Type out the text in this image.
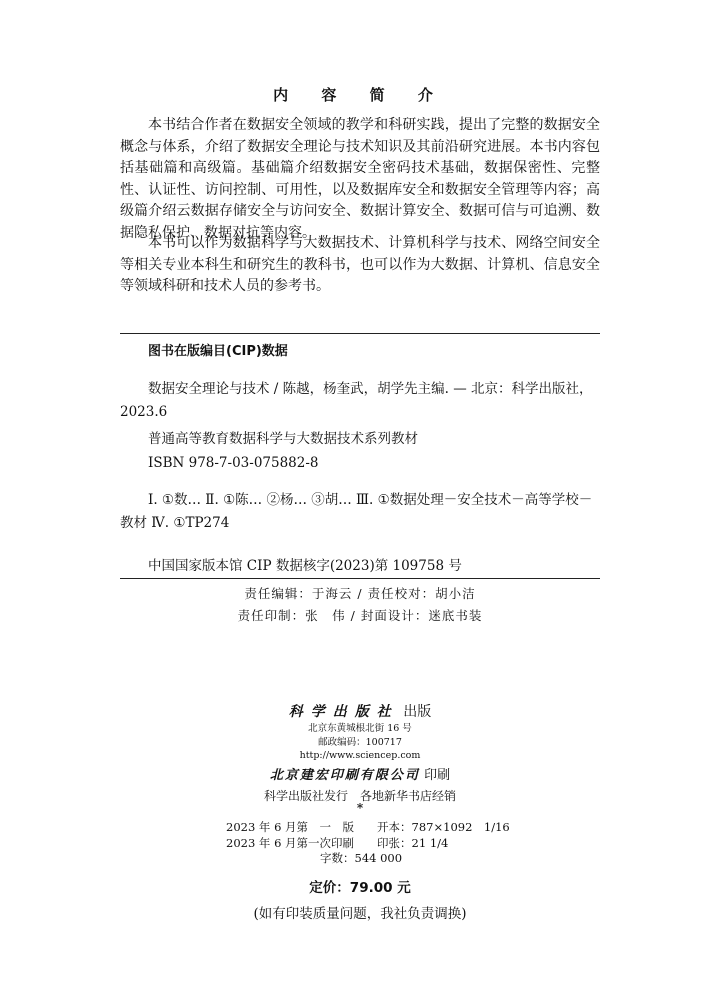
内 容 简 介

本书结合作者在数据安全领域的教学和科研实践，提出了完整的数据安全概念与体系，介绍了数据安全理论与技术知识及其前沿研究进展。本书内容包括基础篇和高级篇。基础篇介绍数据安全密码技术基础，数据保密性、完整性、认证性、访问控制、可用性，以及数据库安全和数据安全管理等内容；高级篇介绍云数据存储安全与访问安全、数据计算安全、数据可信与可追溯、数据隐私保护、数据对抗等内容。

本书可以作为数据科学与大数据技术、计算机科学与技术、网络空间安全等相关专业本科生和研究生的教科书，也可以作为大数据、计算机、信息安全等领域科研和技术人员的参考书。

图书在版编目(CIP)数据

数据安全理论与技术 / 陈越，杨奎武，胡学先主编. — 北京：科学出版社，2023.6

普通高等教育数据科学与大数据技术系列教材

ISBN 978-7-03-075882-8

Ⅰ. ①数… Ⅱ. ①陈… ②杨… ③胡… Ⅲ. ①数据处理－安全技术－高等学校－教材 Ⅳ. ①TP274

中国国家版本馆 CIP 数据核字(2023)第 109758 号

责任编辑：于海云 / 责任校对：胡小洁

责任印制：张　伟 / 封面设计：迷底书装

科学出版社 出版

北京东黄城根北街 16 号
邮政编码：100717
http://www.sciencep.com

北京建宏印刷有限公司 印刷

科学出版社发行　各地新华书店经销

*

2023 年 6 月第　一　版　　开本：787×1092　1/16

2023 年 6 月第一次印刷　　印张：21 1/4

字数：544 000

定价：79.00 元

(如有印装质量问题，我社负责调换)
